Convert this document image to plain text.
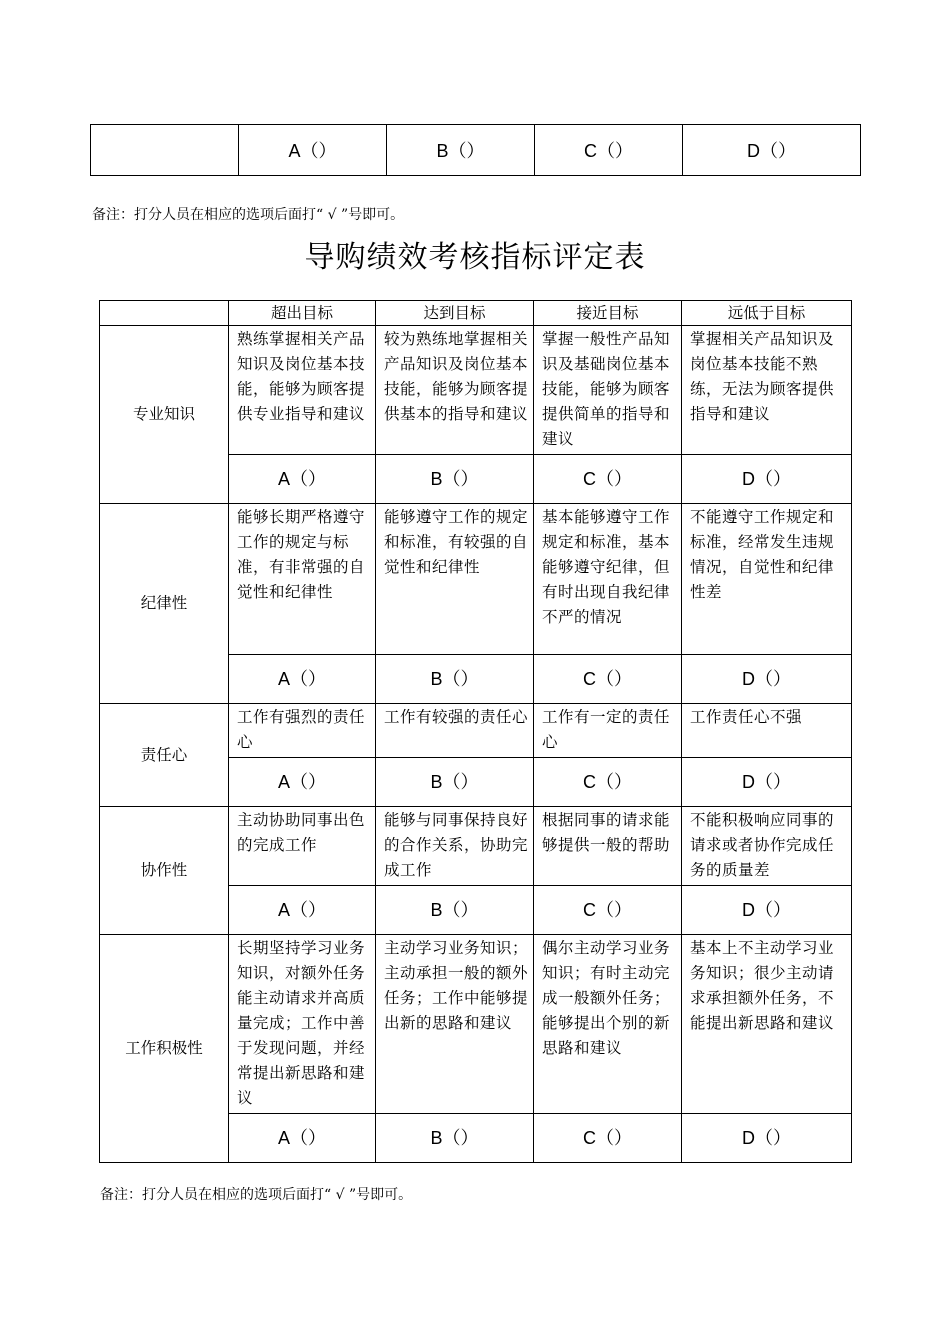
	A（）	B（）	C（）	D（）
备注：打分人员在相应的选项后面打“ √ ”号即可。
导购绩效考核指标评定表
	超出目标	达到目标	接近目标	远低于目标
专业知识	熟练掌握相关产品知识及岗位基本技能，能够为顾客提供专业指导和建议	较为熟练地掌握相关产品知识及岗位基本技能，能够为顾客提供基本的指导和建议	掌握一般性产品知识及基础岗位基本技能，能够为顾客提供简单的指导和建议	掌握相关产品知识及岗位基本技能不熟练，无法为顾客提供指导和建议
	A（）	B（）	C（）	D（）
纪律性	能够长期严格遵守工作的规定与标准，有非常强的自觉性和纪律性	能够遵守工作的规定和标准，有较强的自觉性和纪律性	基本能够遵守工作规定和标准，基本能够遵守纪律，但有时出现自我纪律不严的情况	不能遵守工作规定和标准，经常发生违规情况，自觉性和纪律性差
	A（）	B（）	C（）	D（）
责任心	工作有强烈的责任心	工作有较强的责任心	工作有一定的责任心	工作责任心不强
	A（）	B（）	C（）	D（）
协作性	主动协助同事出色的完成工作	能够与同事保持良好的合作关系，协助完成工作	根据同事的请求能够提供一般的帮助	不能积极响应同事的请求或者协作完成任务的质量差
	A（）	B（）	C（）	D（）
工作积极性	长期坚持学习业务知识，对额外任务能主动请求并高质量完成；工作中善于发现问题，并经常提出新思路和建议	主动学习业务知识；主动承担一般的额外任务；工作中能够提出新的思路和建议	偶尔主动学习业务知识；有时主动完成一般额外任务；能够提出个别的新思路和建议	基本上不主动学习业务知识；很少主动请求承担额外任务，不能提出新思路和建议
	A（）	B（）	C（）	D（）
备注：打分人员在相应的选项后面打“ √ ”号即可。
